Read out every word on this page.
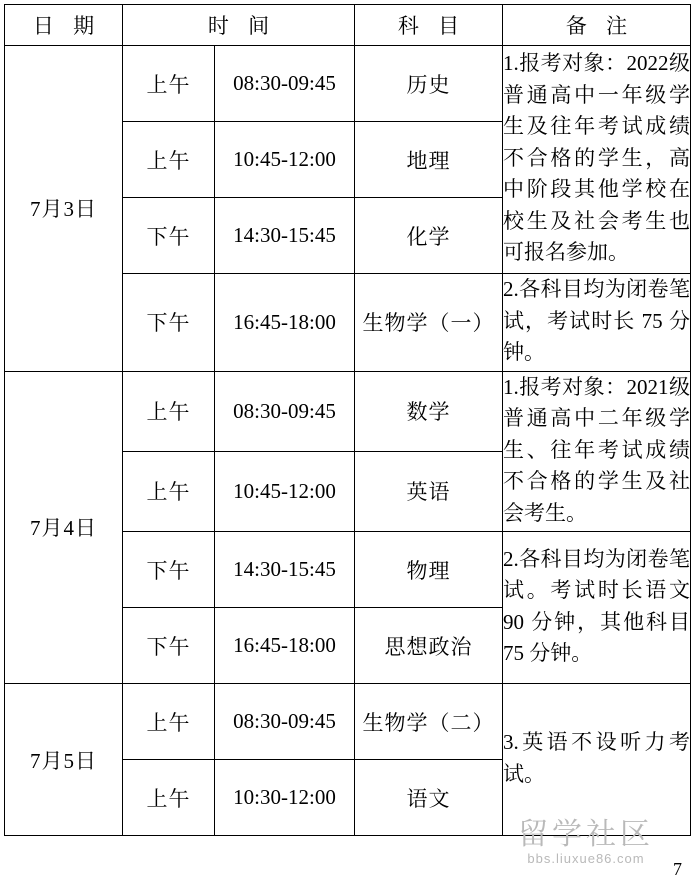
日 期	时 间		科 目	备 注
7月3日	上午	08:30-09:45	历史	1.报考对象：2022级普通高中一年级学生及往年考试成绩不合格的学生，高中阶段其他学校在校生及社会考生也可报名参加。

	上午	10:45-12:00	地理	
	下午	14:30-15:45	化学	
	下午	16:45-18:00	生物学（一）	2.各科目均为闭卷笔试，考试时长 75 分钟。

7月4日	上午	08:30-09:45	数学	1.报考对象：2021级普通高中二年级学生、往年考试成绩不合格的学生及社会考生。

	上午	10:45-12:00	英语	
	下午	14:30-15:45	物理	2.各科目均为闭卷笔试。考试时长语文 90 分钟，其他科目 75 分钟。

	下午	16:45-18:00	思想政治	
7月5日	上午	08:30-09:45	生物学（二）	3.英语不设听力考试。

	上午	10:30-12:00	语文	
留学社区
bbs.liuxue86.com
7
